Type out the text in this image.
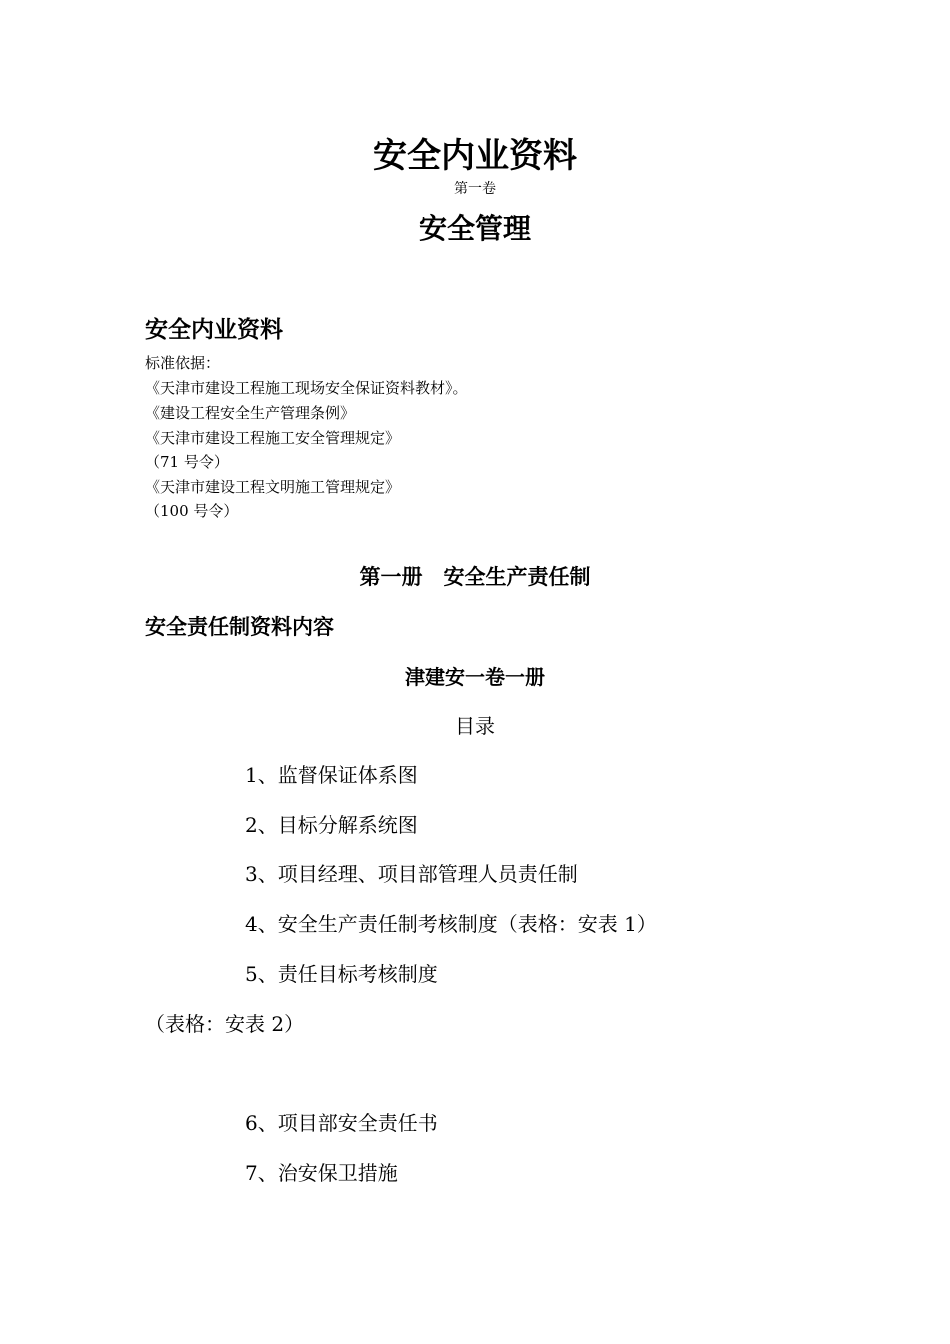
安全内业资料
第一卷
安全管理
安全内业资料
标准依据：
《天津市建设工程施工现场安全保证资料教材》。
《建设工程安全生产管理条例》
《天津市建设工程施工安全管理规定》
（71 号令）
《天津市建设工程文明施工管理规定》
（100 号令）
第一册　安全生产责任制
安全责任制资料内容
津建安一卷一册
目录
1、监督保证体系图
2、目标分解系统图
3、项目经理、项目部管理人员责任制
4、安全生产责任制考核制度（表格：安表 1）
5、责任目标考核制度
（表格：安表 2）
6、项目部安全责任书
7、治安保卫措施
